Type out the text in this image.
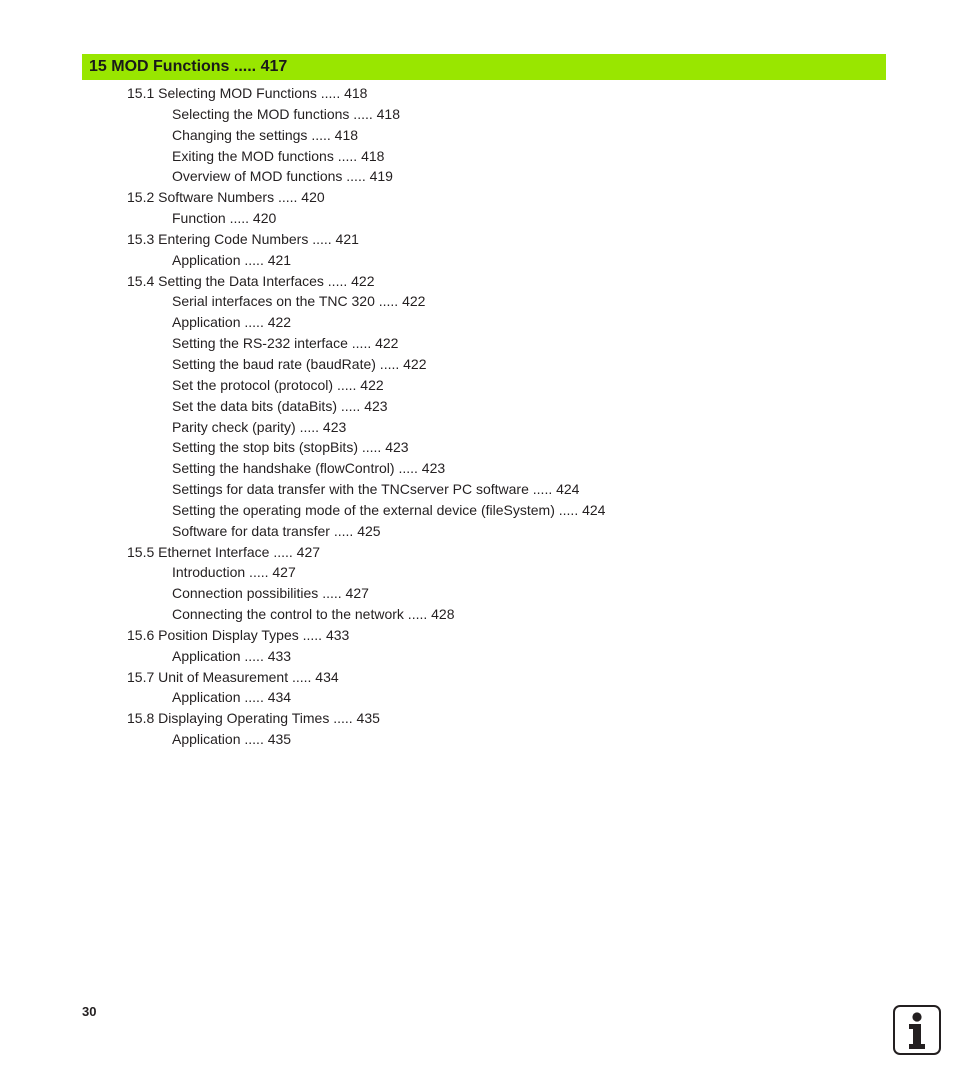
15 MOD Functions ..... 417
15.1 Selecting MOD Functions ..... 418
Selecting the MOD functions ..... 418
Changing the settings ..... 418
Exiting the MOD functions ..... 418
Overview of MOD functions ..... 419
15.2 Software Numbers ..... 420
Function ..... 420
15.3 Entering Code Numbers ..... 421
Application ..... 421
15.4 Setting the Data Interfaces ..... 422
Serial interfaces on the TNC 320 ..... 422
Application ..... 422
Setting the RS-232 interface ..... 422
Setting the baud rate (baudRate) ..... 422
Set the protocol (protocol) ..... 422
Set the data bits (dataBits) ..... 423
Parity check (parity) ..... 423
Setting the stop bits (stopBits) ..... 423
Setting the handshake (flowControl) ..... 423
Settings for data transfer with the TNCserver PC software ..... 424
Setting the operating mode of the external device (fileSystem) ..... 424
Software for data transfer ..... 425
15.5 Ethernet Interface ..... 427
Introduction ..... 427
Connection possibilities ..... 427
Connecting the control to the network ..... 428
15.6 Position Display Types ..... 433
Application ..... 433
15.7 Unit of Measurement ..... 434
Application ..... 434
15.8 Displaying Operating Times ..... 435
Application ..... 435
30
